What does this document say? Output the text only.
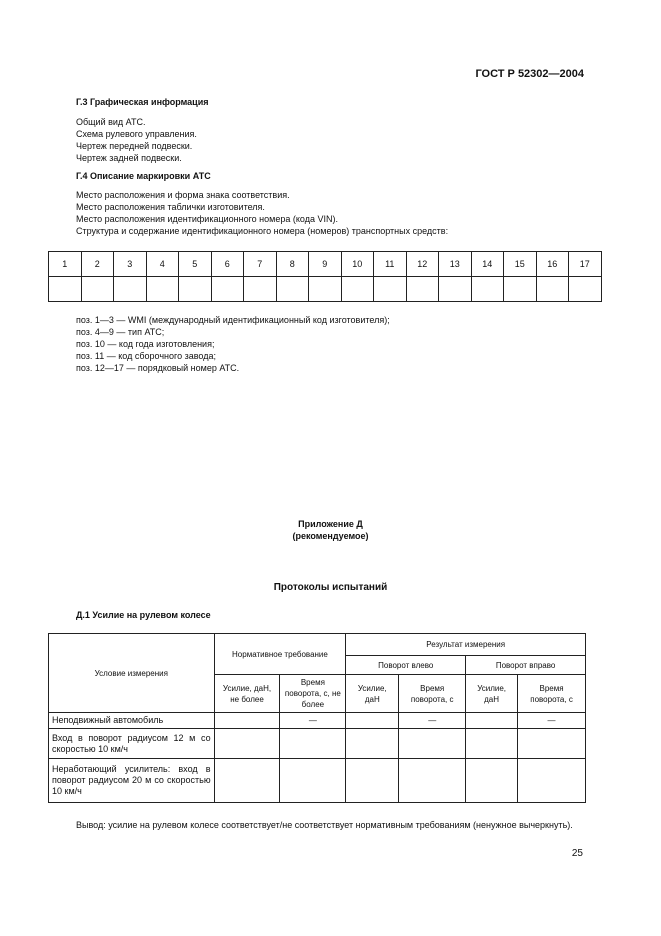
ГОСТ Р 52302—2004
Г.3 Графическая информация
Общий вид АТС.
Схема рулевого управления.
Чертеж передней подвески.
Чертеж задней подвески.
Г.4 Описание маркировки АТС
Место расположения и форма знака соответствия.
Место расположения таблички изготовителя.
Место расположения идентификационного номера (кода VIN).
Структура и содержание идентификационного номера (номеров) транспортных средств:
1	2	3	4	5	6	7	8	9	10	11	12	13	14	15	16	17

поз. 1—3 — WMI (международный идентификационный код изготовителя);
поз. 4—9 — тип АТС;
поз. 10 — код года изготовления;
поз. 11 — код сборочного завода;
поз. 12—17 — порядковый номер АТС.
Приложение Д
(рекомендуемое)
Протоколы испытаний
Д.1 Усилие на рулевом колесе
Условие измерения	Нормативное требование		Результат измерения			
			Поворот влево		Поворот вправо	
	Усилие, даН, не более	Время поворота, с, не более	Усилие, даН	Время поворота, с	Усилие, даН	Время поворота, с
Неподвижный автомобиль		—		—		—
Вход в поворот радиусом 12 м со скоростью 10 км/ч						
Неработающий усилитель: вход в поворот радиусом 20 м со скоростью 10 км/ч						
Вывод: усилие на рулевом колесе соответствует/не соответствует нормативным требованиям (ненужное вычеркнуть).
25
